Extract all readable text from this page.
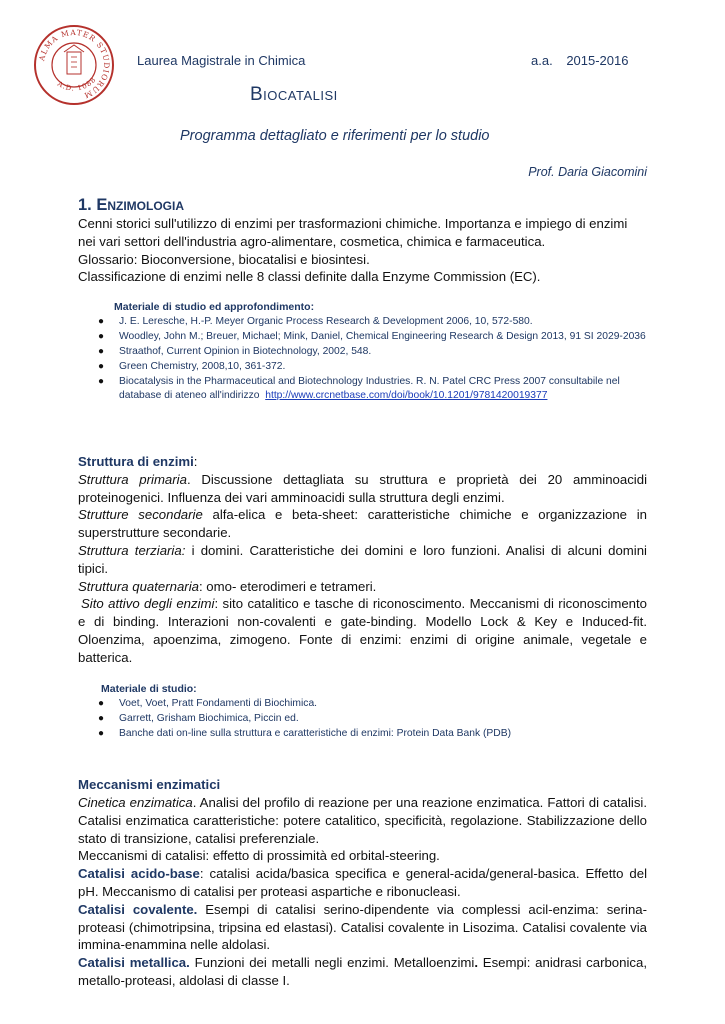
ALMA MATER STUDIORUM
A.D. 1088
Laurea Magistrale in Chimica	a.a. 2015-2016
Biocatalisi
Programma dettagliato e riferimenti per lo studio
Prof. Daria Giacomini
1. Enzimologia

Cenni storici sull'utilizzo di enzimi per trasformazioni chimiche. Importanza e impiego di enzimi nei vari settori dell'industria agro-alimentare, cosmetica, chimica e farmaceutica.

Glossario: Bioconversione, biocatalisi e biosintesi.

Classificazione di enzimi nelle 8 classi definite dalla Enzyme Commission (EC).

Materiale di studio ed approfondimento:
● J. E. Leresche, H.-P. Meyer Organic Process Research & Development 2006, 10, 572-580.
● Woodley, John M.; Breuer, Michael; Mink, Daniel, Chemical Engineering Research & Design 2013, 91 SI 2029-2036
● Straathof, Current Opinion in Biotechnology, 2002, 548.
● Green Chemistry, 2008,10, 361-372.
● Biocatalysis in the Pharmaceutical and Biotechnology Industries. R. N. Patel CRC Press 2007 consultabile nel database di ateneo all'indirizzo http://www.crcnetbase.com/doi/book/10.1201/9781420019377

Struttura di enzimi:

Struttura primaria. Discussione dettagliata su struttura e proprietà dei 20 amminoacidi proteinogenici. Influenza dei vari amminoacidi sulla struttura degli enzimi.

Strutture secondarie alfa-elica e beta-sheet: caratteristiche chimiche e organizzazione in superstrutture secondarie.

Struttura terziaria: i domini. Caratteristiche dei domini e loro funzioni. Analisi di alcuni domini tipici.

Struttura quaternaria: omo- eterodimeri e tetrameri.

Sito attivo degli enzimi: sito catalitico e tasche di riconoscimento. Meccanismi di riconoscimento e di binding. Interazioni non-covalenti e gate-binding. Modello Lock & Key e Induced-fit. Oloenzima, apoenzima, zimogeno. Fonte di enzimi: enzimi di origine animale, vegetale e batterica.

Materiale di studio:
● Voet, Voet, Pratt Fondamenti di Biochimica.
● Garrett, Grisham Biochimica, Piccin ed.
● Banche dati on-line sulla struttura e caratteristiche di enzimi: Protein Data Bank (PDB)
Meccanismi enzimatici

Cinetica enzimatica. Analisi del profilo di reazione per una reazione enzimatica. Fattori di catalisi. Catalisi enzimatica caratteristiche: potere catalitico, specificità, regolazione. Stabilizzazione dello stato di transizione, catalisi preferenziale.

Meccanismi di catalisi: effetto di prossimità ed orbital-steering.

Catalisi acido-base: catalisi acida/basica specifica e general-acida/general-basica. Effetto del pH. Meccanismo di catalisi per proteasi aspartiche e ribonucleasi.

Catalisi covalente. Esempi di catalisi serino-dipendente via complessi acil-enzima: serina-proteasi (chimotripsina, tripsina ed elastasi). Catalisi covalente in Lisozima. Catalisi covalente via immina-enammina nelle aldolasi.

Catalisi metallica. Funzioni dei metalli negli enzimi. Metalloenzimi. Esempi: anidrasi carbonica, metallo-proteasi, aldolasi di classe I.
